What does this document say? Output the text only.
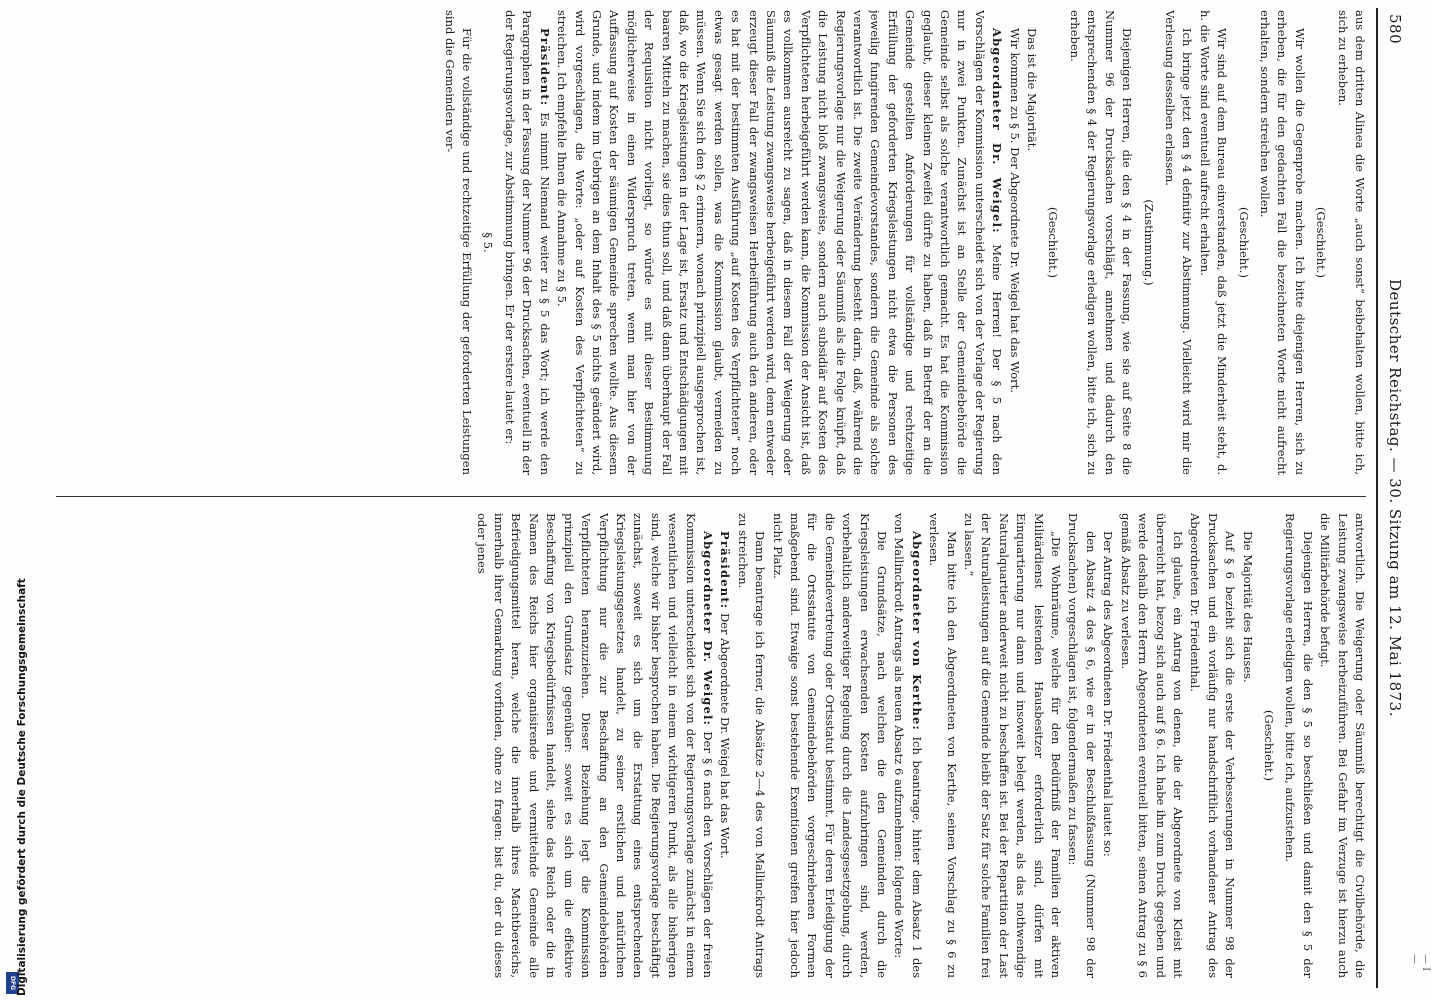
DFG Digitalisierung gefördert durch die Deutsche Forschungsgemeinschaft
580
Deutscher Reichstag. — 30. Sitzung am 12. Mai 1873.

aus dem dritten Alinea die Worte „auch sonst“ beibehalten wollen, bitte ich, sich zu erheben.

(Geschieht.)

Wir wollen die Gegenprobe machen. Ich bitte diejenigen Herren, sich zu erheben, die für den gedachten Fall die bezeichneten Worte nicht aufrecht erhalten, sondern streichen wollen.

(Geschieht.)

Wir sind auf dem Bureau einverstanden, daß jetzt die Minderheit steht, d. h. die Worte sind eventuell aufrecht erhalten.

Ich bringe jetzt den § 4 definitiv zur Abstimmung. Vielleicht wird mir die Verlesung desselben erlassen.

(Zustimmung.)

Diejenigen Herren, die den § 4 in der Fassung, wie sie auf Seite 8 die Nummer 96 der Drucksachen vorschlägt, annehmen und dadurch den entsprechenden § 4 der Regierungsvorlage erledigen wollen, bitte ich, sich zu erheben.

(Geschieht.)

Das ist die Majorität.

Wir kommen zu § 5. Der Abgeordnete Dr. Weigel hat das Wort.

Abgeordneter Dr. Weigel: Meine Herren! Der § 5 nach den Vorschlägen der Kommission unterscheidet sich von der Vorlage der Regierung nur in zwei Punkten. Zunächst ist an Stelle der Gemeindebehörde die Gemeinde selbst als solche verantwortlich gemacht. Es hat die Kommission geglaubt, dieser kleinen Zweifel dürfte zu haben, daß in Betreff der an die Gemeinde gestellten Anforderungen für vollständige und rechtzeitige Erfüllung der geforderten Kriegsleistungen nicht etwa die Personen des jeweilig fungirenden Gemeindevorstandes, sondern die Gemeinde als solche verantwortlich ist. Die zweite Veränderung besteht darin, daß, während die Regierungsvorlage nur die Weigerung oder Säumniß als die Folge knüpft, daß die Leistung nicht bloß zwangsweise, sondern auch subsidiär auf Kosten des Verpflichteten herbeigeführt werden kann, die Kommission der Ansicht ist, daß es vollkommen ausreicht zu sagen, daß in diesem Fall der Weigerung oder Säumniß die Leistung zwangsweise herbeigeführt werden wird, denn entweder erzeugt dieser Fall der zwangsweisen Herbeiführung auch den anderen, oder es hat mit der bestimmten Ausführung „auf Kosten des Verpflichteten“ noch etwas gesagt werden sollen, was die Kommission glaubt, vermeiden zu müssen. Wenn Sie sich den § 2 erinnern, wonach prinzipiell ausgesprochen ist, daß, wo die Kriegsleistungen in der Lage ist, Ersatz und Entschädigungen mit baaren Mitteln zu machen, sie dies thun soll, und daß dann überhaupt der Fall der Requisition nicht vorliegt, so würde es mit dieser Bestimmung möglicherweise in einen Widerspruch treten, wenn man hier von der Auffassung auf Kosten der säumigen Gemeinde sprechen wollte. Aus diesem Grunde, und indem im Uebrigen an dem Inhalt des § 5 nichts geändert wird, wird vorgeschlagen, die Worte: „oder auf Kosten des Verpflichteten“ zu streichen. Ich empfehle Ihnen die Annahme zu § 5.

Präsident: Es nimmt Niemand weiter zu § 5 das Wort; ich werde den Paragraphen in der Fassung der Nummer 96 der Drucksachen, eventuell in der der Regierungsvorlage, zur Abstimmung bringen. Er der erstere lautet er:

§ 5.

Für die vollständige und rechtzeitige Erfüllung der geforderten Leistungen sind die Gemeinden ver-

antwortlich. Die Weigerung oder Säumniß berechtigt die Civilbehörde, die Leistung zwangsweise herbeizuführen. Bei Gefahr im Verzuge ist hierzu auch die Militärbehörde befugt.

Diejenigen Herren, die den § 5 so beschließen und damit den § 5 der Regierungsvorlage erledigen wollen, bitte ich, aufzustehen.

(Geschieht.)

Die Majorität des Hauses.

Auf § 6 bezieht sich die erste der Verbesserungen in Nummer 98 der Drucksachen und ein vorläufig nur handschriftlich vorhandener Antrag des Abgeordneten Dr. Friedenthal.

Ich glaube, ein Antrag von denen, die der Abgeordnete von Kleist mit überreicht hat, bezog sich auch auf § 6. Ich habe ihn zum Druck gegeben und werde deshalb den Herrn Abgeordneten eventuell bitten, seinen Antrag zu § 6 gemäß Absatz zu verlesen.

Der Antrag des Abgeordneten Dr. Friedenthal lautet so:

den Absatz 4 des § 6, wie er in der Beschlußfassung (Nummer 98 der Drucksachen) vorgeschlagen ist, folgendermaßen zu fassen:

„Die Wohnräume, welche für den Bedürfniß der Familien der aktiven Militärdienst leistenden Hausbesitzer erforderlich sind, dürfen mit Einquartierung nur dann und insoweit belegt werden, als das nothwendige Naturalquartier anderweit nicht zu beschaffen ist. Bei der Repartition der Last der Naturalleistungen auf die Gemeinde bleibt der Satz für solche Familien frei zu lassen.“

Man bitte ich den Abgeordneten von Kerthe, seinen Vorschlag zu § 6 zu verlesen.

Abgeordneter von Kerthe: Ich beantrage, hinter dem Absatz 1 des von Mallinckrodt Antrags als neuen Absatz 6 aufzunehmen: folgende Worte:

Die Grundsätze, nach welchen die den Gemeinden durch die Kriegsleistungen erwachsenden Kosten aufzubringen sind, werden, vorbehaltlich anderweitiger Regelung durch die Landesgesetzgebung, durch die Gemeindevertretung oder Ortsstatut bestimmt. Für deren Erledigung der für die Ortsstatute von Gemeindebehörden vorgeschriebenen Formen maßgebend sind. Etwaige sonst bestehende Exemtionen greifen hier jedoch nicht Platz.

Dann beantrage ich ferner, die Absätze 2—4 des von Mallinckrodt Antrags zu streichen.

Präsident: Der Abgeordnete Dr. Weigel hat das Wort.

Abgeordneter Dr. Weigel: Der § 6 nach den Vorschlägen der freien Kommission unterscheidet sich von der Regierungsvorlage zunächst in einem wesentlichen und vielleicht in einem wichtigeren Punkt, als alle bisherigen sind, welche wir bisher besprochen haben. Die Regierungsvorlage beschäftigt zunächst, soweit es sich um die Erstattung eines entsprechenden Kriegsleistungsgesetzes handelt, zu seiner erstlichen und natürlichen Verpflichtung nur die zur Beschaffung an den Gemeindebehörden Verpflichteten heranzuziehen. Dieser Beziehung legt die Kommission prinzipiell den Grundsatz gegenüber: soweit es sich um die effektive Beschaffung von Kriegsbedürfnissen handelt, siehe das Reich oder die in Namen des Reichs hier organisirende und vermittelnde Gemeinde alle Befriedigungsmittel heran, welche die innerhalb ihres Machtbereichs, innerhalb ihrer Gemarkung vorfinden, ohne zu fragen: bist du, der du dieses oder jenes

— I —
